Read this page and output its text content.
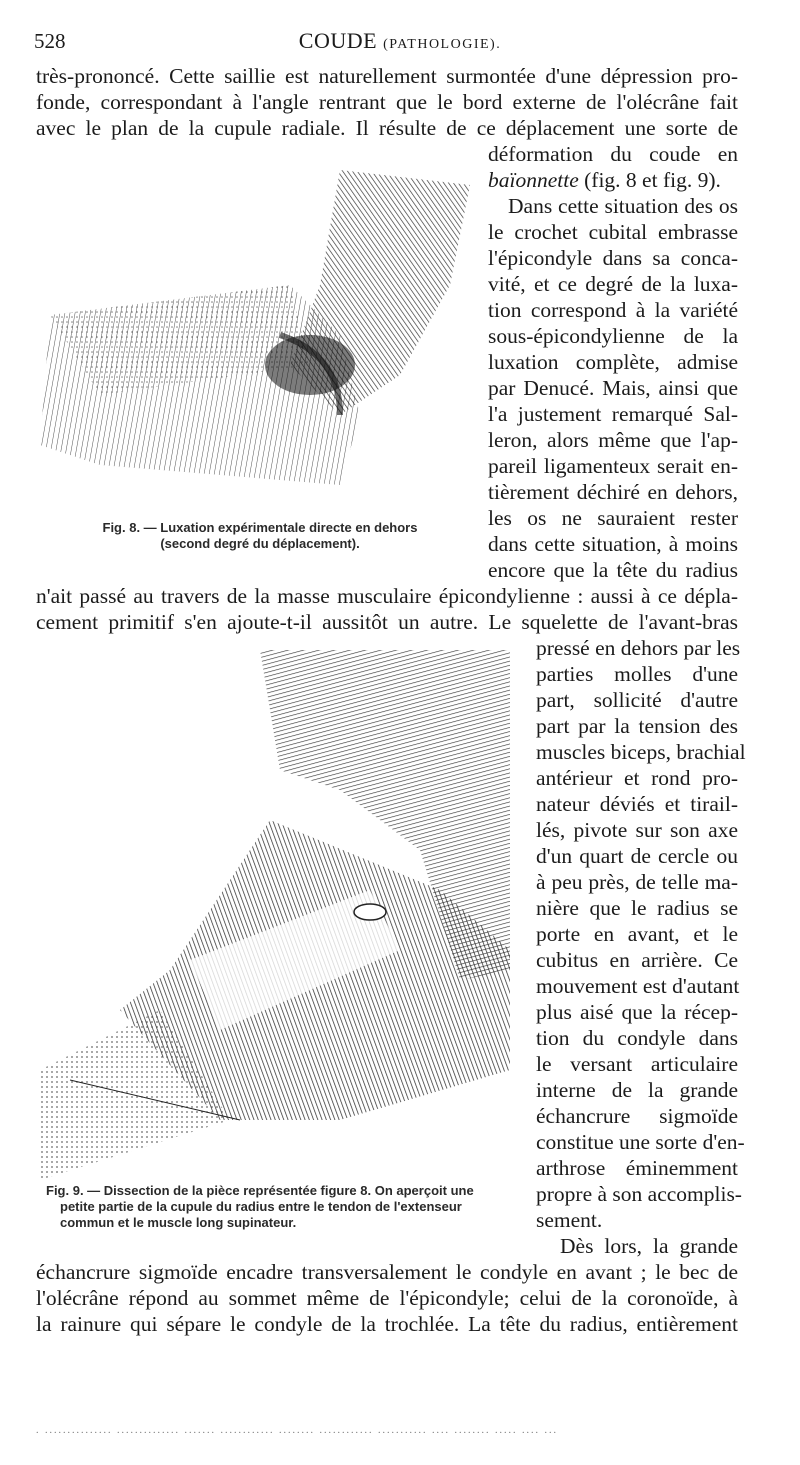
528	COUDE (PATHOLOGIE).
très-prononcé. Cette saillie est naturellement surmontée d'une dépression pro-
fonde, correspondant à l'angle rentrant que le bord externe de l'olécrâne fait
avec le plan de la cupule radiale. Il résulte de ce déplacement une sorte de
Fig. 8. — Luxation expérimentale directe en dehors
(second degré du déplacement).
déformation du coude en
baïonnette (fig. 8 et fig. 9).
Dans cette situation des os
le crochet cubital embrasse
l'épicondyle dans sa conca-
vité, et ce degré de la luxa-
tion correspond à la variété
sous-épicondylienne de la
luxation complète, admise
par Denucé. Mais, ainsi que
l'a justement remarqué Sal-
leron, alors même que l'ap-
pareil ligamenteux serait en-
tièrement déchiré en dehors,
les os ne sauraient rester
dans cette situation, à moins
encore que la tête du radius
n'ait passé au travers de la masse musculaire épicondylienne : aussi à ce dépla-
cement primitif s'en ajoute-t-il aussitôt un autre. Le squelette de l'avant-bras
Fig. 9. — Dissection de la pièce représentée figure 8. On aperçoit une
petite partie de la cupule du radius entre le tendon de l'extenseur
commun et le muscle long supinateur.
pressé en dehors par les
parties molles d'une
part, sollicité d'autre
part par la tension des
muscles biceps, brachial
antérieur et rond pro-
nateur déviés et tirail-
lés, pivote sur son axe
d'un quart de cercle ou
à peu près, de telle ma-
nière que le radius se
porte en avant, et le
cubitus en arrière. Ce
mouvement est d'autant
plus aisé que la récep-
tion du condyle dans
le versant articulaire
interne de la grande
échancrure sigmoïde
constitue une sorte d'en-
arthrose éminemment
propre à son accomplis-
sement.
Dès lors, la grande
échancrure sigmoïde encadre transversalement le condyle en avant ; le bec de
l'olécrâne répond au sommet même de l'épicondyle; celui de la coronoïde, à
la rainure qui sépare le condyle de la trochlée. La tête du radius, entièrement
. ............... .............. ....... ............ ........ ............ ........... .... ........ ..... .... ...
